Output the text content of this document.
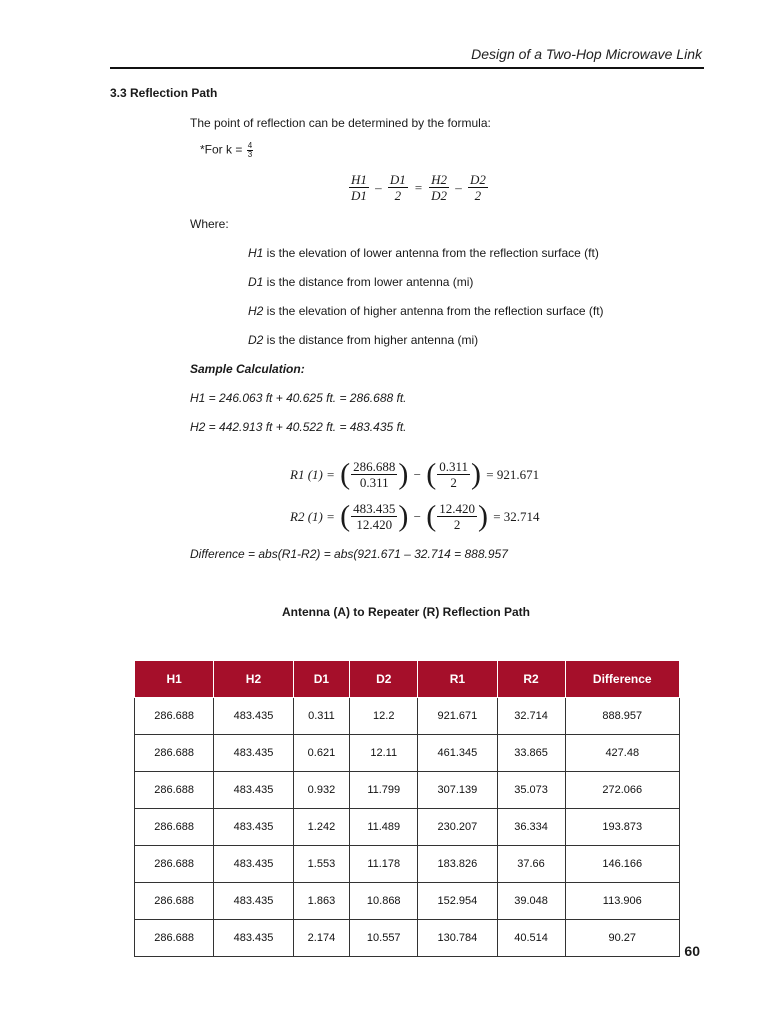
Design of a Two-Hop Microwave Link
3.3 Reflection Path
The point of reflection can be determined by the formula:
*For $k = \frac{4}{3}$
$\frac{H1}{D1} - \frac{D1}{2} = \frac{H2}{D2} - \frac{D2}{2}$
Where:
H1 is the elevation of lower antenna from the reflection surface (ft)
D1 is the distance from lower antenna (mi)
H2 is the elevation of higher antenna from the reflection surface (ft)
D2 is the distance from higher antenna (mi)
Sample Calculation:
H1 = 246.063 ft + 40.625 ft. = 286.688 ft.
H2 = 442.913 ft + 40.522 ft. = 483.435 ft.
R1 (1) = ( $\frac{286.688}{0.311}$ ) − ( $\frac{0.311}{2}$ ) = 921.671
R2 (1) = ( $\frac{483.435}{12.420}$ ) − ( $\frac{12.420}{2}$ ) = 32.714
Difference = abs(R1-R2) = abs(921.671 – 32.714 = 888.957
Antenna (A) to Repeater (R) Reflection Path
H1	H2	D1	D2	R1	R2	Difference
286.688	483.435	0.311	12.2	921.671	32.714	888.957
286.688	483.435	0.621	12.11	461.345	33.865	427.48
286.688	483.435	0.932	11.799	307.139	35.073	272.066
286.688	483.435	1.242	11.489	230.207	36.334	193.873
286.688	483.435	1.553	11.178	183.826	37.66	146.166
286.688	483.435	1.863	10.868	152.954	39.048	113.906
286.688	483.435	2.174	10.557	130.784	40.514	90.27
60
